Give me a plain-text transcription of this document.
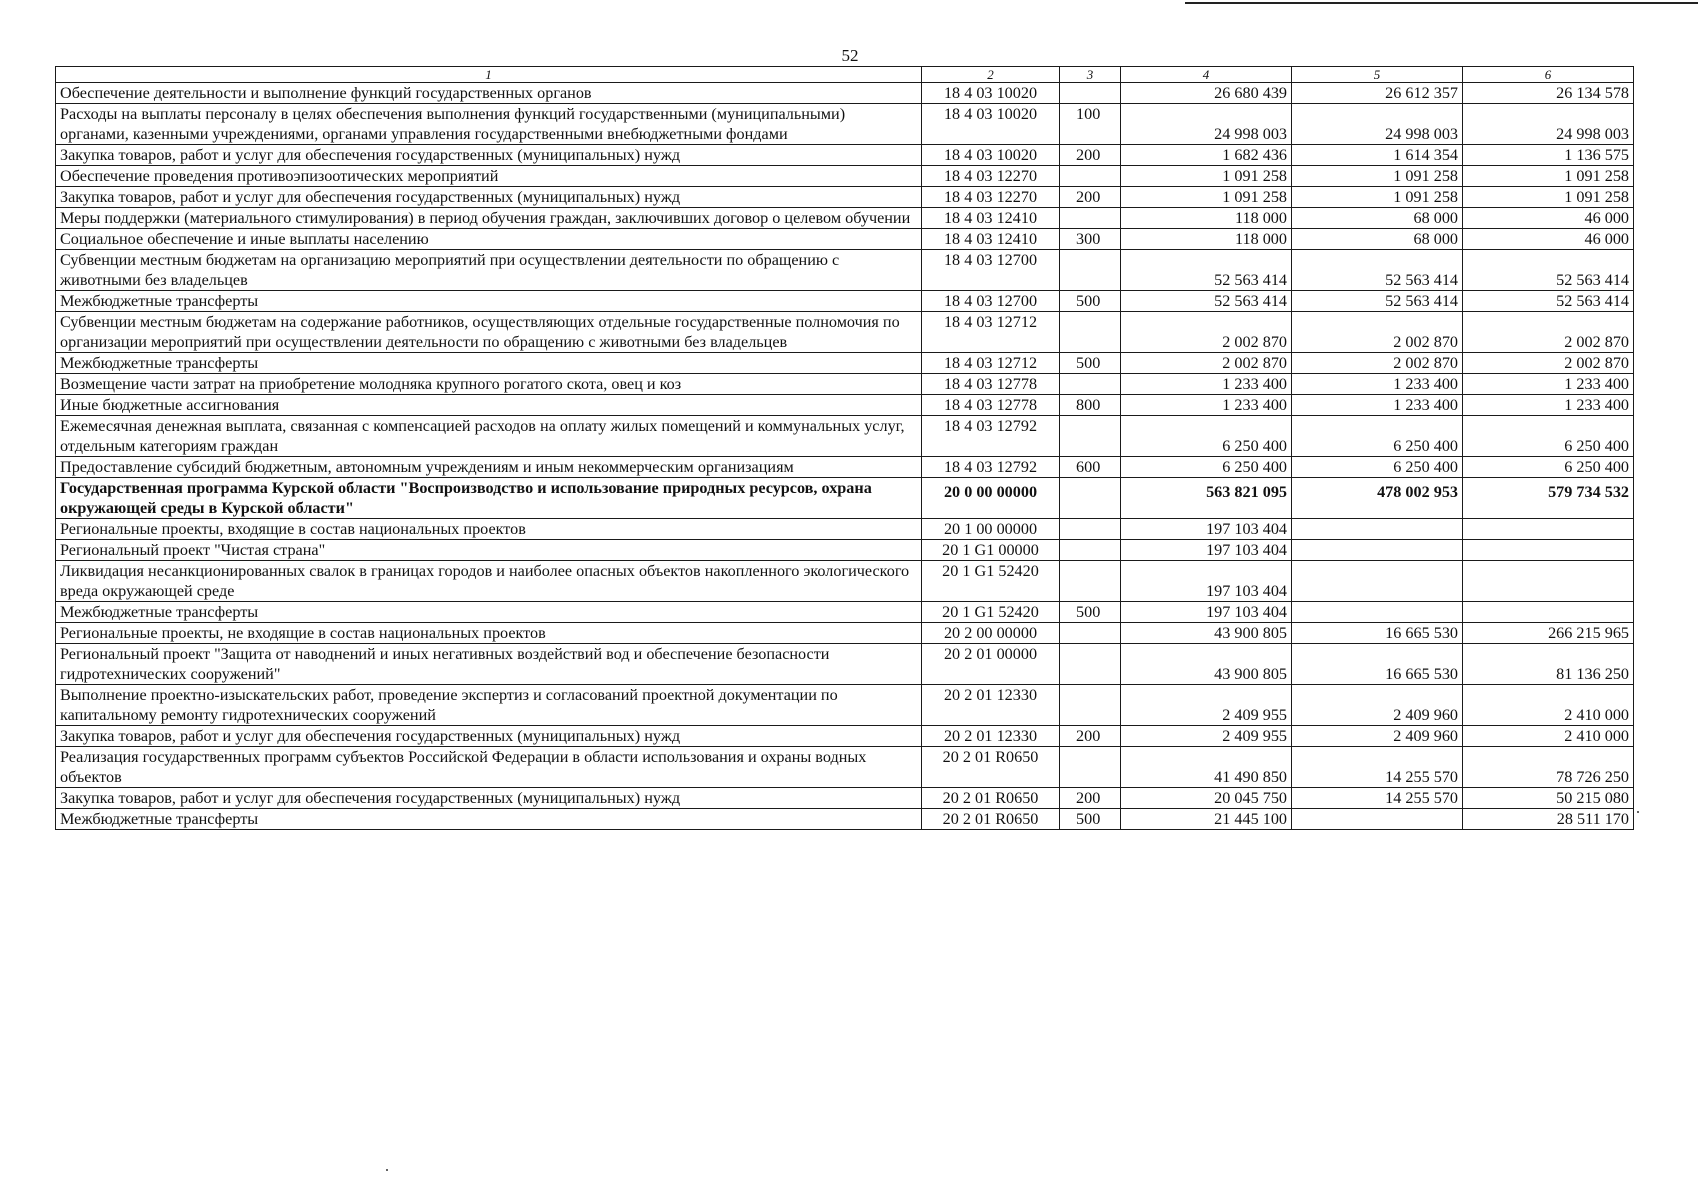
52
1	2	3	4	5	6
Обеспечение деятельности и выполнение функций государственных органов	18 4 03 10020		26 680 439	26 612 357	26 134 578
Расходы на выплаты персоналу в целях обеспечения выполнения функций государственными (муниципальными) органами, казенными учреждениями, органами управления государственными внебюджетными фондами	18 4 03 10020	100	24 998 003	24 998 003	24 998 003
Закупка товаров, работ и услуг для обеспечения государственных (муниципальных) нужд	18 4 03 10020	200	1 682 436	1 614 354	1 136 575
Обеспечение проведения противоэпизоотических мероприятий	18 4 03 12270		1 091 258	1 091 258	1 091 258
Закупка товаров, работ и услуг для обеспечения государственных (муниципальных) нужд	18 4 03 12270	200	1 091 258	1 091 258	1 091 258
Меры поддержки (материального стимулирования) в период обучения граждан, заключивших договор о целевом обучении	18 4 03 12410		118 000	68 000	46 000
Социальное обеспечение и иные выплаты населению	18 4 03 12410	300	118 000	68 000	46 000
Субвенции местным бюджетам на организацию мероприятий при осуществлении деятельности по обращению с животными без владельцев	18 4 03 12700		52 563 414	52 563 414	52 563 414
Межбюджетные трансферты	18 4 03 12700	500	52 563 414	52 563 414	52 563 414
Субвенции местным бюджетам на содержание работников, осуществляющих отдельные государственные полномочия по организации мероприятий при осуществлении деятельности по обращению с животными без владельцев	18 4 03 12712		2 002 870	2 002 870	2 002 870
Межбюджетные трансферты	18 4 03 12712	500	2 002 870	2 002 870	2 002 870
Возмещение части затрат на приобретение молодняка крупного рогатого скота, овец и коз	18 4 03 12778		1 233 400	1 233 400	1 233 400
Иные бюджетные ассигнования	18 4 03 12778	800	1 233 400	1 233 400	1 233 400
Ежемесячная денежная выплата, связанная с компенсацией расходов на оплату жилых помещений и коммунальных услуг, отдельным категориям граждан	18 4 03 12792		6 250 400	6 250 400	6 250 400
Предоставление субсидий бюджетным, автономным учреждениям и иным некоммерческим организациям	18 4 03 12792	600	6 250 400	6 250 400	6 250 400
Государственная программа Курской области "Воспроизводство и использование природных ресурсов, охрана окружающей среды в Курской области"	20 0 00 00000		563 821 095	478 002 953	579 734 532
Региональные проекты, входящие в состав национальных проектов	20 1 00 00000		197 103 404		
Региональный проект "Чистая страна"	20 1 G1 00000		197 103 404		
Ликвидация несанкционированных свалок в границах городов и наиболее опасных объектов накопленного экологического вреда окружающей среде	20 1 G1 52420		197 103 404		
Межбюджетные трансферты	20 1 G1 52420	500	197 103 404		
Региональные проекты, не входящие в состав национальных проектов	20 2 00 00000		43 900 805	16 665 530	266 215 965
Региональный проект "Защита от наводнений и иных негативных воздействий вод и обеспечение безопасности гидротехнических сооружений"	20 2 01 00000		43 900 805	16 665 530	81 136 250
Выполнение проектно-изыскательских работ, проведение экспертиз и согласований проектной документации по капитальному ремонту гидротехнических сооружений	20 2 01 12330		2 409 955	2 409 960	2 410 000
Закупка товаров, работ и услуг для обеспечения государственных (муниципальных) нужд	20 2 01 12330	200	2 409 955	2 409 960	2 410 000
Реализация государственных программ субъектов Российской Федерации в области использования и охраны водных объектов	20 2 01 R0650		41 490 850	14 255 570	78 726 250
Закупка товаров, работ и услуг для обеспечения государственных (муниципальных) нужд	20 2 01 R0650	200	20 045 750	14 255 570	50 215 080
Межбюджетные трансферты	20 2 01 R0650	500	21 445 100		28 511 170
